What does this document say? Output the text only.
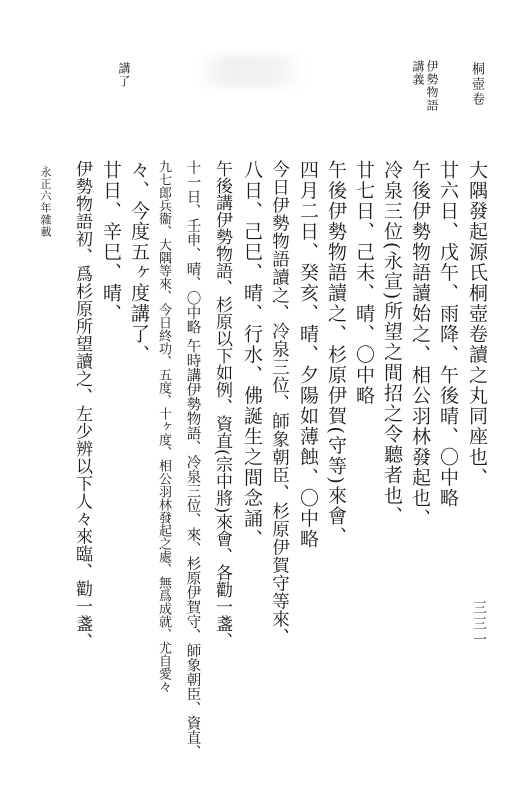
桐壺卷
伊勢物語
講義
講了
大隅發起源氏桐壺卷讀之丸同座也、
廿六日、戊午、雨降、午後晴、〇中略
午後伊勢物語讀始之、相公羽林發起也、
冷泉三位(永宣)所望之間招之令聽者也、
廿七日、己未、晴、〇中略
午後伊勢物語讀之、杉原伊賀(守等)來會、
四月二日、癸亥、晴、夕陽如薄蝕、〇中略
今日伊勢物語讀之、冷泉三位、師象朝臣、杉原伊賀守等來、
八日、己巳、晴、行水、佛誕生之間念誦、
午後講伊勢物語、杉原以下如例、資直(宗中將)來會、各勸一盞、
十一日、壬申、晴、〇中略 午時講伊勢物語、冷泉三位、來、杉原伊賀守、師象朝臣、資直、
九七郎兵衞、大隅等來、今日終功、五度、十ヶ度、相公羽林發起之處、無爲成就、尤自愛々
々、今度五ヶ度講了、
廿日、辛巳、晴、
伊勢物語初、爲杉原所望讀之、左少辨以下人々來臨、勸一盞、
永正六年雜載
三三一
